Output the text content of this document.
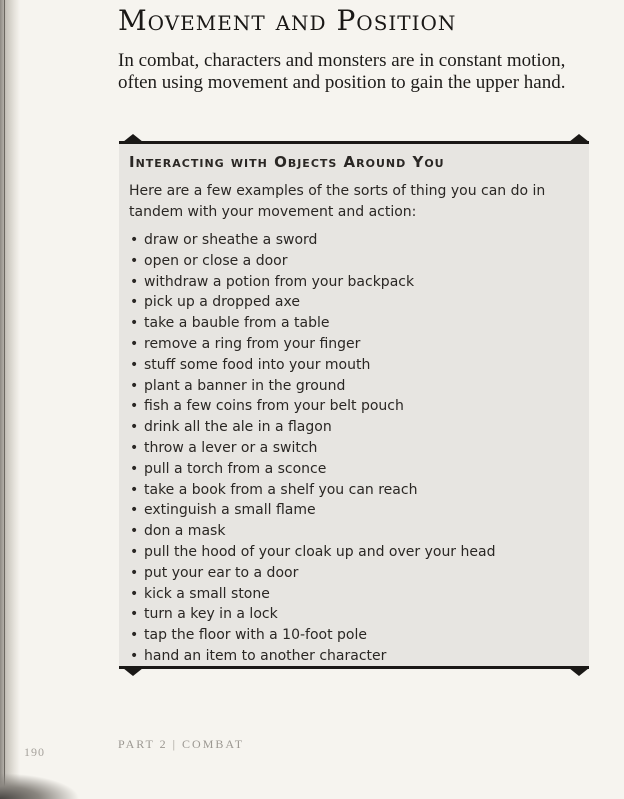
Movement and Position

In combat, characters and monsters are in constant motion, often using movement and position to gain the upper hand.

Interacting with Objects Around You

Here are a few examples of the sorts of thing you can do in tandem with your movement and action:

• draw or sheathe a sword
• open or close a door
• withdraw a potion from your backpack
• pick up a dropped axe
• take a bauble from a table
• remove a ring from your finger
• stuff some food into your mouth
• plant a banner in the ground
• fish a few coins from your belt pouch
• drink all the ale in a flagon
• throw a lever or a switch
• pull a torch from a sconce
• take a book from a shelf you can reach
• extinguish a small flame
• don a mask
• pull the hood of your cloak up and over your head
• put your ear to a door
• kick a small stone
• turn a key in a lock
• tap the floor with a 10-foot pole
• hand an item to another character

190

PART 2 | COMBAT
